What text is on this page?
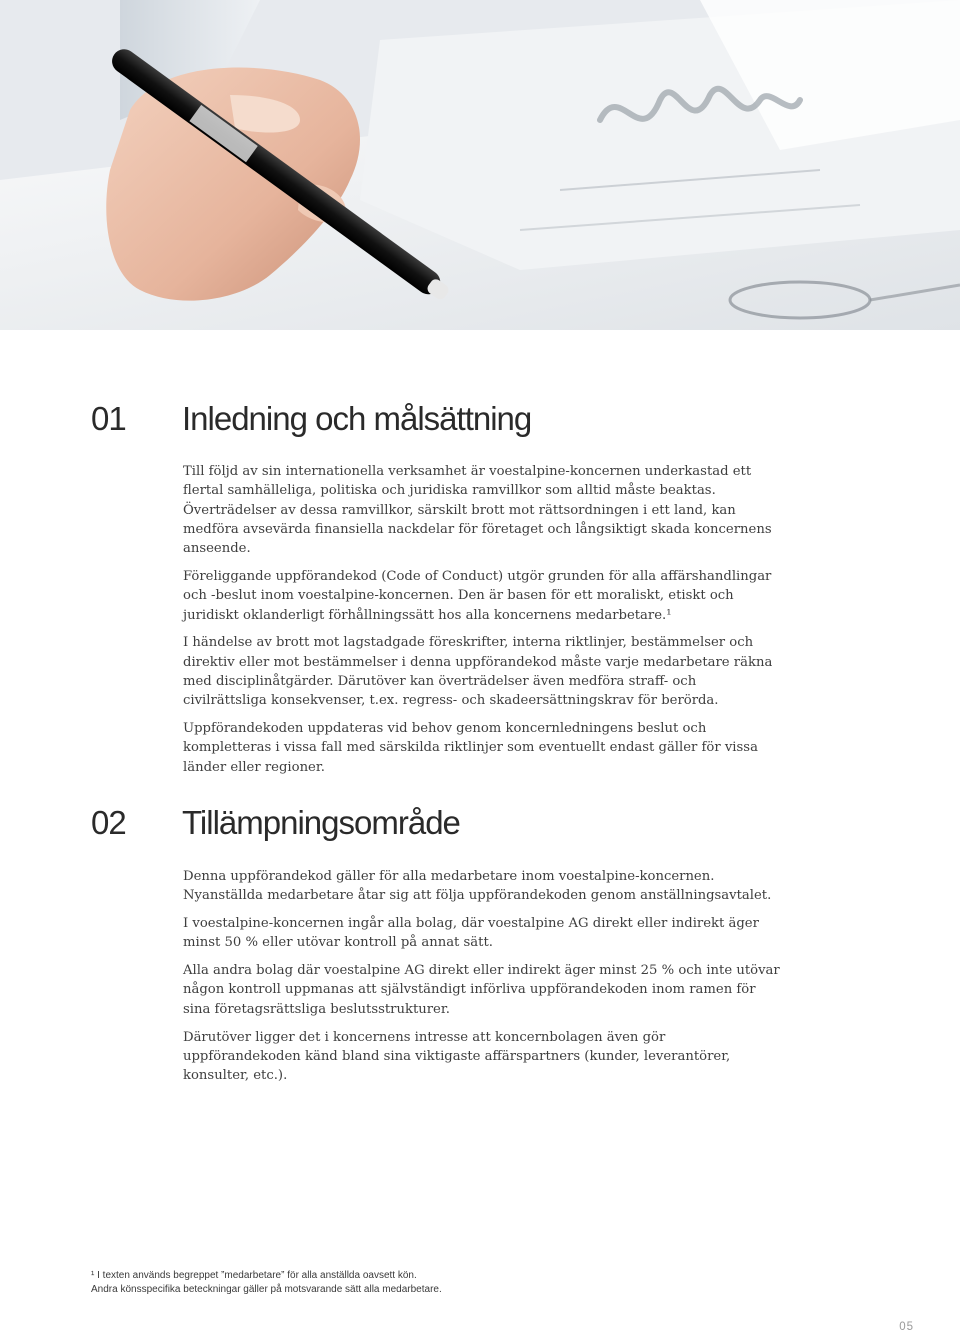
01 Inledning och målsättning

Till följd av sin internationella verksamhet är voestalpine-koncernen underkastad ett flertal samhälleliga, politiska och juridiska ramvillkor som alltid måste beaktas. Överträdelser av dessa ramvillkor, särskilt brott mot rättsordningen i ett land, kan medföra avsevärda finansiella nackdelar för företaget och långsiktigt skada koncernens anseende.

Föreliggande uppförandekod (Code of Conduct) utgör grunden för alla affärshandlingar och -beslut inom voestalpine-koncernen. Den är basen för ett moraliskt, etiskt och juridiskt oklanderligt förhållningssätt hos alla koncernens medarbetare.¹

I händelse av brott mot lagstadgade föreskrifter, interna riktlinjer, bestämmelser och direktiv eller mot bestämmelser i denna uppförandekod måste varje medarbetare räkna med disciplinåtgärder. Därutöver kan överträdelser även medföra straff- och civilrättsliga konsekvenser, t.ex. regress- och skadeersättningskrav för berörda.

Uppförandekoden uppdateras vid behov genom koncernledningens beslut och kompletteras i vissa fall med särskilda riktlinjer som eventuellt endast gäller för vissa länder eller regioner.

02 Tillämpningsområde

Denna uppförandekod gäller för alla medarbetare inom voestalpine-koncernen. Nyanställda medarbetare åtar sig att följa uppförandekoden genom anställningsavtalet.

I voestalpine-koncernen ingår alla bolag, där voestalpine AG direkt eller indirekt äger minst 50 % eller utövar kontroll på annat sätt.

Alla andra bolag där voestalpine AG direkt eller indirekt äger minst 25 % och inte utövar någon kontroll uppmanas att självständigt införliva uppförandekoden inom ramen för sina företagsrättsliga beslutsstrukturer.

Därutöver ligger det i koncernens intresse att koncernbolagen även gör uppförandekoden känd bland sina viktigaste affärspartners (kunder, leverantörer, konsulter, etc.).

¹ I texten används begreppet ”medarbetare” för alla anställda oavsett kön.
Andra könsspecifika beteckningar gäller på motsvarande sätt alla medarbetare.
05
